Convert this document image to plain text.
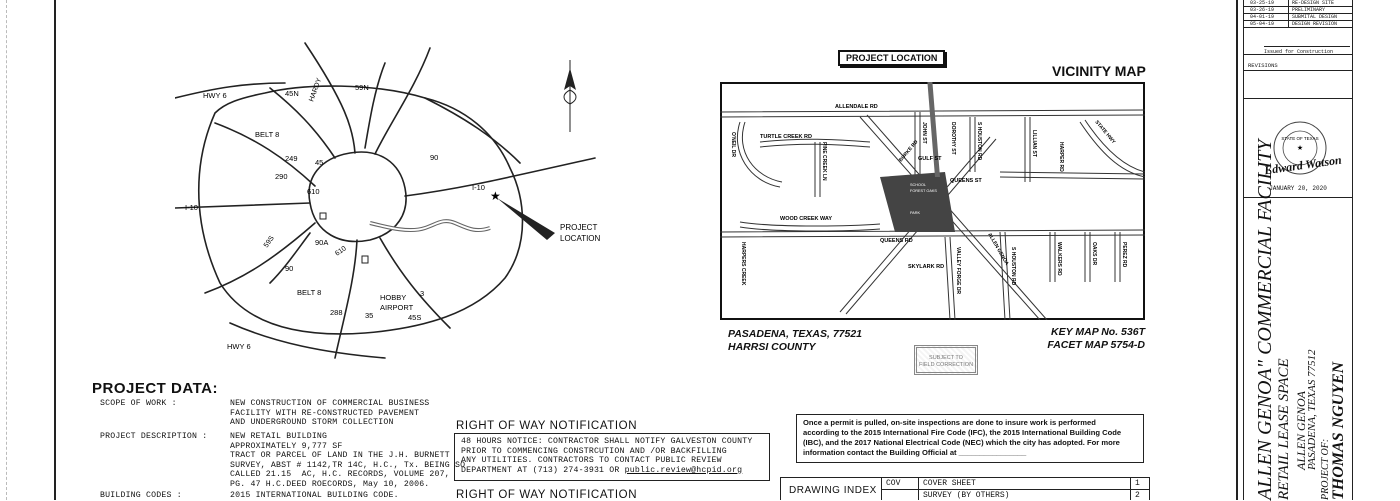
★
HWY 6	45N HARDY	59N
BELT 8
249 45
90
290
610	I-10
I-10
PROJECT
LOCATION
59S	90A
610
90
BELT 8
HOBBY
AIRPORT
3
288	35	45S
HWY 6
PROJECT LOCATION
VICINITY MAP
ALLENDALE RD
TURTLE CREEK RD
QUEENS ST
GULF ST
WOOD CREEK WAY
QUEENS RD
SKYLARK RD
ALLEN GENOA
O'NEIL DR	PINE CREEK LN	BURKE RD
JOHN ST	DOROTHY ST	S HOUSTON RD	LILLIAN ST	HARPER RD
STATE HWY
FOREST OAKS
PARK
VALLEY FORGE DR	S HOUSTON RD	WALKERS RD	OAKS DR	PEREZ RD
HARPERS CREEK
SCHOOL
PASADENA, TEXAS, 77521
HARRSI COUNTY
KEY MAP No. 536T
FACET MAP 5754-D
SUBJECT TO
FIELD CORRECTION
PROJECT DATA:
SCOPE OF WORK :	NEW CONSTRUCTION OF COMMERCIAL BUSINESS
FACILITY WITH RE-CONSTRUCTED PAVEMENT
AND UNDERGROUND STORM COLLECTION
PROJECT DESCRIPTION :	NEW RETAIL BUILDING
APPROXIMATELY 9,777 SF
TRACT OR PARCEL OF LAND IN THE J.H. BURNETT
SURVEY, ABST # 1142,TR 14C, H.C., Tx. BEING SO
CALLED 21.15  AC, H.C. RECORDS, VOLUME 207,
PG. 47 H.C.DEED ROECORDS, May 10, 2006.
BUILDING CODES :	2015 INTERNATIONAL BUILDING CODE.
RIGHT OF WAY NOTIFICATION
48 HOURS NOTICE: CONTRACTOR SHALL NOTIFY GALVESTON COUNTY
PRIOR TO COMMENCING CONSTRCUTION AND /OR BACKFILLING
ANY UTILITIES. CONTRACTORS TO CONTACT PUBLIC REVIEW
DEPARTMENT AT (713) 274-3931 OR public.review@hcpid.org
RIGHT OF WAY NOTIFICATION
Once a permit is pulled, on-site inspections are done to insure work is performed
according to the 2015 International Fire Code (IFC), the 2015 International Building Code
(IBC), and the 2017 National Electrical Code (NEC) which the city has adopted. For more
information contact the Building Official at ________________
DRAWING INDEX
COV	COVER SHEET	1
	SURVEY (BY OTHERS)	2
03-25-19	RE-DESIGN SITE
03-26-19	PRELIMINARY
04-01-19	SUBMITAL DESIGN
05-04-19	DESIGN REVISION
Issued for Construction
REVISIONS
STATE OF TEXAS
★
Edward Watson
JANUARY 20, 2020
ALLEN GENOA" COMMERCIAL FACILITY RETAIL LEASE SPACE ALLEN GENOA
PASADENA, TEXAS 77512 PROJECT OF: THOMAS NGUYEN
